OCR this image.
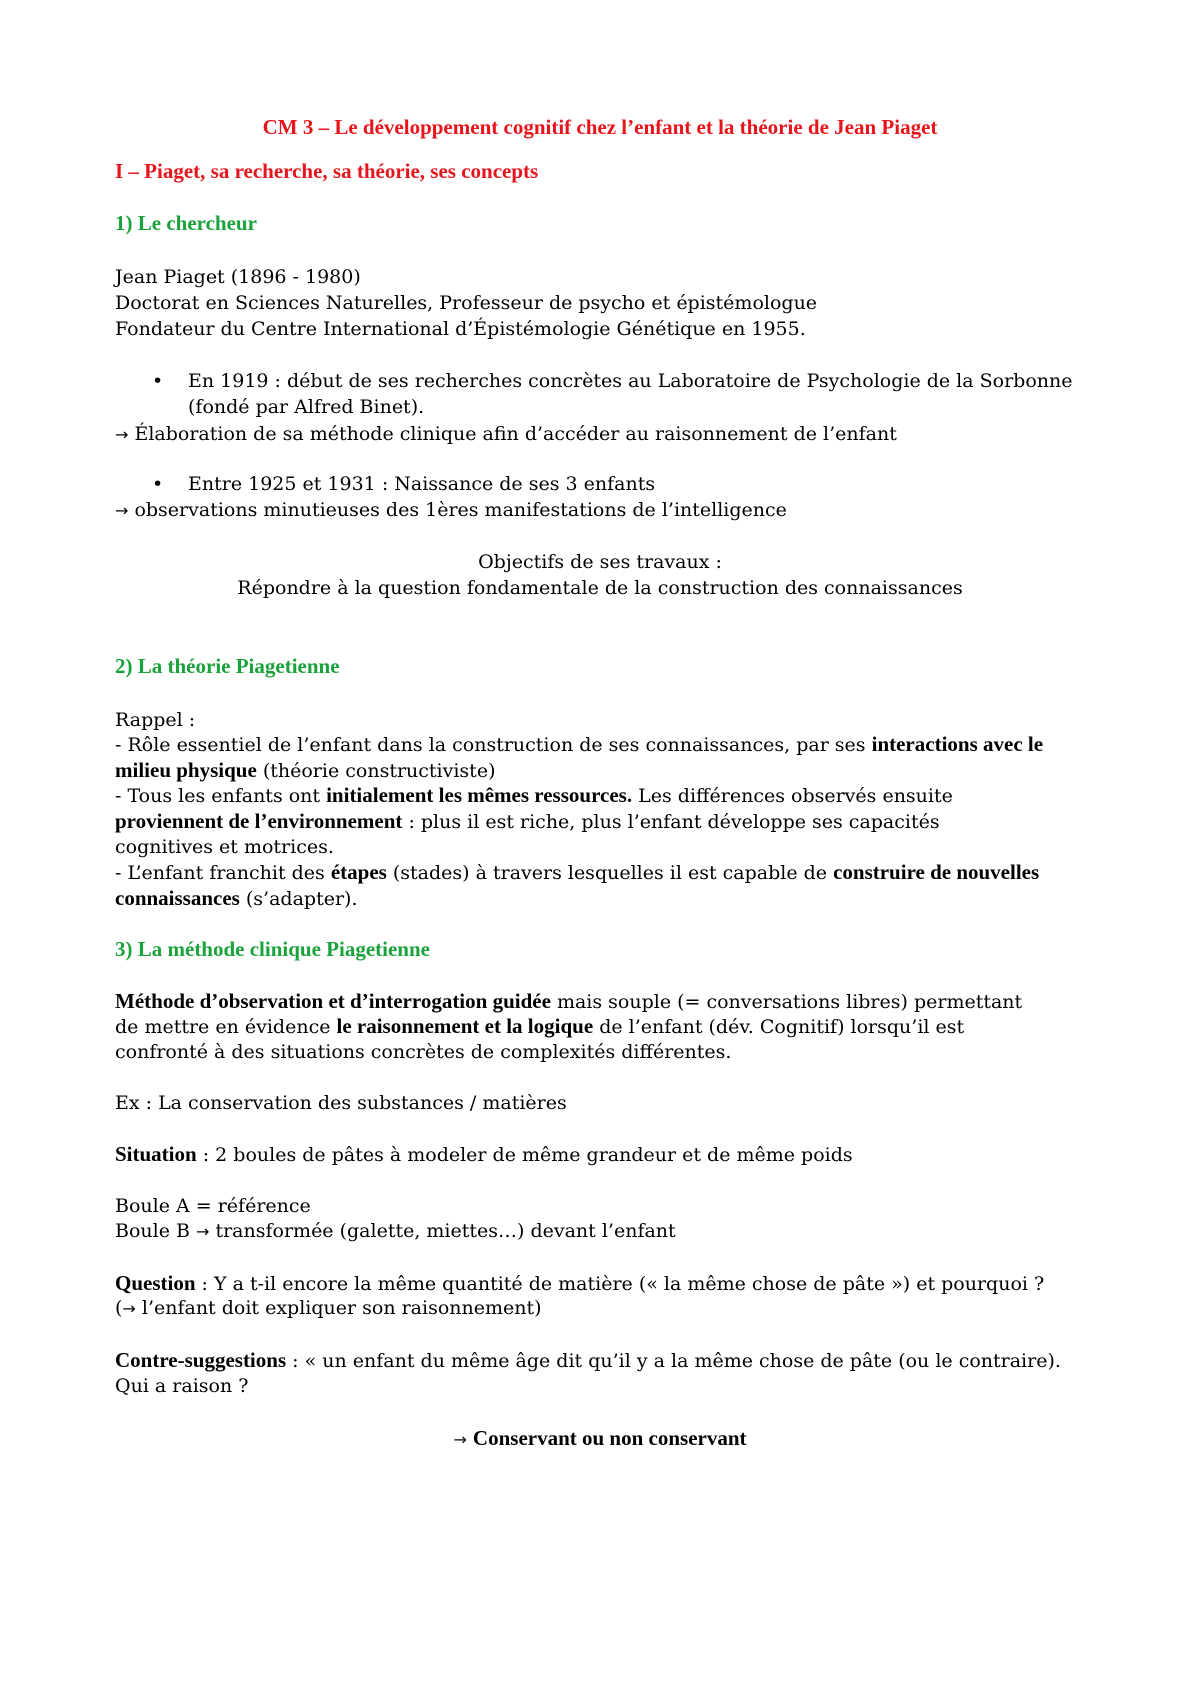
CM 3 – Le développement cognitif chez l’enfant et la théorie de Jean Piaget
I – Piaget, sa recherche, sa théorie, ses concepts
1) Le chercheur
Jean Piaget (1896 - 1980)
Doctorat en Sciences Naturelles, Professeur de psycho et épistémologue
Fondateur du Centre International d’Épistémologie Génétique en 1955.
• En 1919 : début de ses recherches concrètes au Laboratoire de Psychologie de la Sorbonne
(fondé par Alfred Binet).
→ Élaboration de sa méthode clinique afin d’accéder au raisonnement de l’enfant
• Entre 1925 et 1931 : Naissance de ses 3 enfants
→ observations minutieuses des 1ères manifestations de l’intelligence
Objectifs de ses travaux :
Répondre à la question fondamentale de la construction des connaissances
2) La théorie Piagetienne
Rappel :
- Rôle essentiel de l’enfant dans la construction de ses connaissances, par ses interactions avec le
milieu physique (théorie constructiviste)
- Tous les enfants ont initialement les mêmes ressources. Les différences observés ensuite
proviennent de l’environnement : plus il est riche, plus l’enfant développe ses capacités
cognitives et motrices.
- L’enfant franchit des étapes (stades) à travers lesquelles il est capable de construire de nouvelles
connaissances (s’adapter).
3) La méthode clinique Piagetienne
Méthode d’observation et d’interrogation guidée mais souple (= conversations libres) permettant
de mettre en évidence le raisonnement et la logique de l’enfant (dév. Cognitif) lorsqu’il est
confronté à des situations concrètes de complexités différentes.
Ex : La conservation des substances / matières
Situation : 2 boules de pâtes à modeler de même grandeur et de même poids
Boule A = référence
Boule B → transformée (galette, miettes…) devant l’enfant
Question : Y a t-il encore la même quantité de matière (« la même chose de pâte ») et pourquoi ?
(→ l’enfant doit expliquer son raisonnement)
Contre-suggestions : « un enfant du même âge dit qu’il y a la même chose de pâte (ou le contraire).
Qui a raison ?
→ Conservant ou non conservant
